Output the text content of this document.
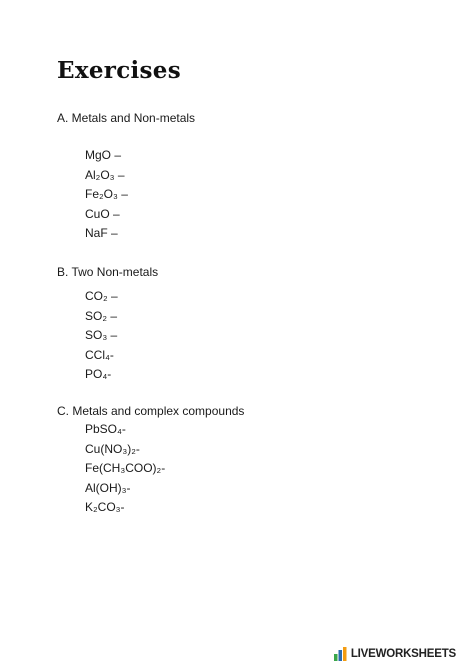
Exercises

A. Metals and Non-metals

MgO –
Al₂O₃ –
Fe₂O₃ –
CuO –
NaF –

B. Two Non-metals

CO₂ –
SO₂ –
SO₃ –
CCl₄-
PO₄-

C. Metals and complex compounds

PbSO₄-
Cu(NO₃)₂-
Fe(CH₃COO)₂-
Al(OH)₃-
K₂CO₃-
LIVEWORKSHEETS
